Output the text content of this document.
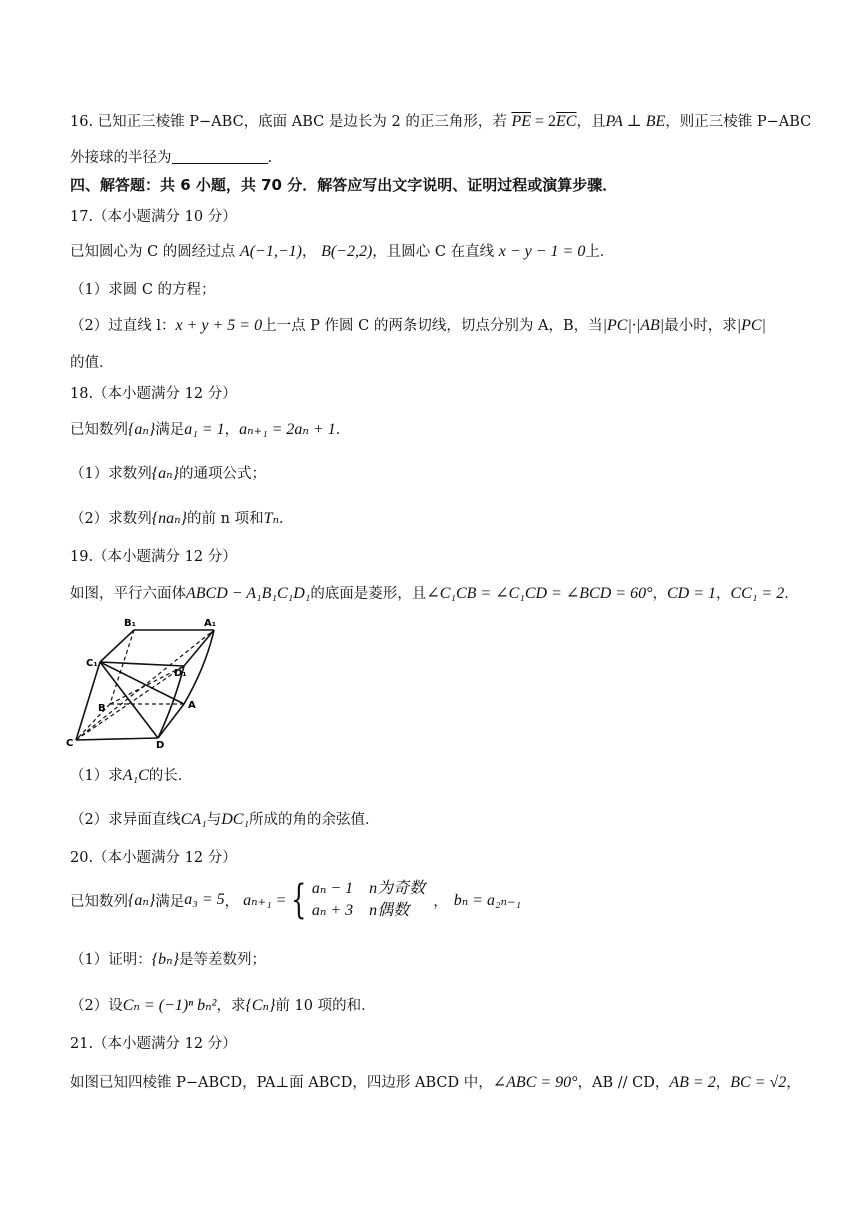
16. 已知正三棱锥 P−ABC，底面 ABC 是边长为 2 的正三角形，若 $\overline{PE} = 2\overline{EC}$，且PA ⊥ BE，则正三棱锥 P−ABC
外接球的半径为	.
四、解答题：共 6 小题，共 70 分．解答应写出文字说明、证明过程或演算步骤．
17.（本小题满分 10 分）
已知圆心为 C 的圆经过点 A(−1,−1)， B(−2,2)，且圆心 C 在直线 x − y − 1 = 0上．
（1）求圆 C 的方程；
（2）过直线 l：x + y + 5 = 0上一点 P 作圆 C 的两条切线，切点分别为 A，B，当|PC|·|AB|最小时，求|PC|
的值．
18.（本小题满分 12 分）
已知数列{aₙ}满足a₁ = 1，aₙ₊₁ = 2aₙ + 1．
（1）求数列{aₙ}的通项公式；
（2）求数列{naₙ}的前 n 项和Tₙ．
19.（本小题满分 12 分）
如图，平行六面体ABCD − A₁B₁C₁D₁的底面是菱形，且∠C₁CB = ∠C₁CD = ∠BCD = 60°，CD = 1，CC₁ = 2．
B₁	A₁
C₁
D₁
B	A
C	D
（1）求A₁C的长．
（2）求异面直线CA₁与DC₁所成的角的余弦值．
20.（本小题满分 12 分）
已知数列 {aₙ} 满足 a₃ = 5 ， aₙ₊₁ = { aₙ − 1　n为奇数
aₙ + 3　n偶数
， bₙ = a₂ₙ₋₁
（1）证明：{bₙ}是等差数列；
（2）设Cₙ = (−1)ⁿ bₙ²，求{Cₙ}前 10 项的和．
21.（本小题满分 12 分）
如图已知四棱锥 P−ABCD，PA⊥面 ABCD，四边形 ABCD 中，∠ABC = 90°，AB // CD，AB = 2，BC = √2，
